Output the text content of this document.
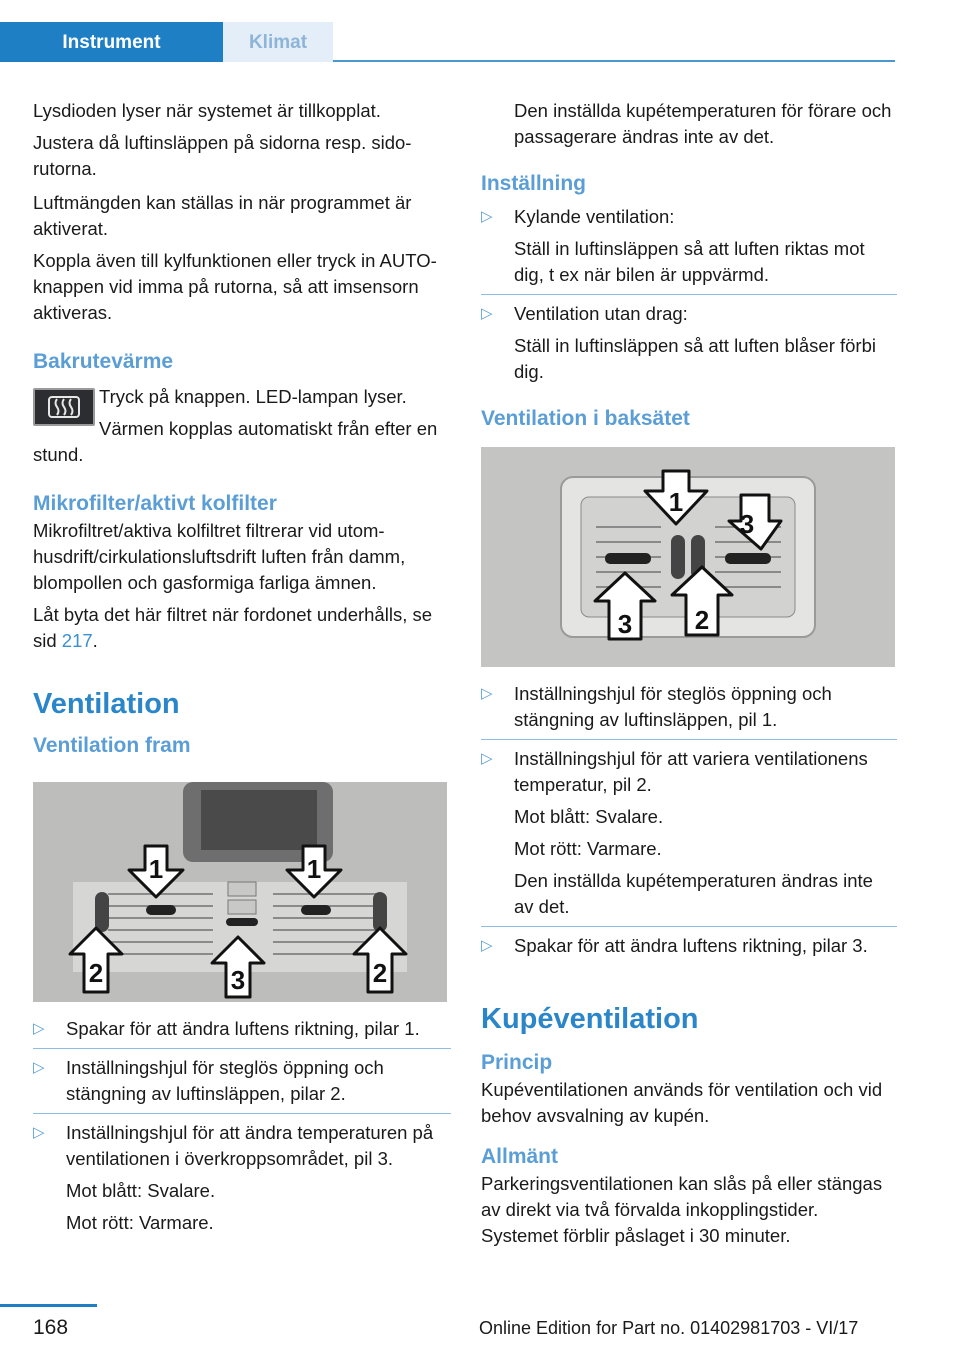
Instrument	Klimat

Lysdioden lyser när systemet är tillkopplat.

Justera då luftinsläppen på sidorna resp. sidorutorna.

Luftmängden kan ställas in när programmet är aktiverat.

Koppla även till kylfunktionen eller tryck in AUTO-knappen vid imma på rutorna, så att imsensorn aktiveras.

Bakrutevärme

Tryck på knappen. LED-lampan lyser.

Värmen kopplas automatiskt från efter en stund.

Mikrofilter/aktivt kolfilter

Mikrofiltret/aktiva kolfiltret filtrerar vid utomhusdrift/cirkulationsluftsdrift luften från damm, blompollen och gasformiga farliga ämnen.

Låt byta det här filtret när fordonet underhålls, se sid 217.

Ventilation
Ventilation fram
1	1
2	3	2
▷ Spakar för att ändra luftens riktning, pilar 1.
▷ Inställningshjul för steglös öppning och stängning av luftinsläppen, pilar 2.
▷ Inställningshjul för att ändra temperaturen på ventilationen i överkroppsområdet, pil 3.
Mot blått: Svalare.
Mot rött: Varmare.

Den inställda kupétemperaturen för förare och passagerare ändras inte av det.

Inställning
▷ Kylande ventilation:
Ställ in luftinsläppen så att luften riktas mot dig, t ex när bilen är uppvärmd.
▷ Ventilation utan drag:
Ställ in luftinsläppen så att luften blåser förbi dig.
Ventilation i baksätet
1
3
3 2
▷ Inställningshjul för steglös öppning och stängning av luftinsläppen, pil 1.
▷ Inställningshjul för att variera ventilationens temperatur, pil 2.
Mot blått: Svalare.
Mot rött: Varmare.
Den inställda kupétemperaturen ändras inte av det.
▷ Spakar för att ändra luftens riktning, pilar 3.
Kupéventilation
Princip

Kupéventilationen används för ventilation och vid behov avsvalning av kupén.

Allmänt

Parkeringsventilationen kan slås på eller stängas av direkt via två förvalda inkopplingstider. Systemet förblir påslaget i 30 minuter.

168	Online Edition for Part no. 01402981703 - VI/17
